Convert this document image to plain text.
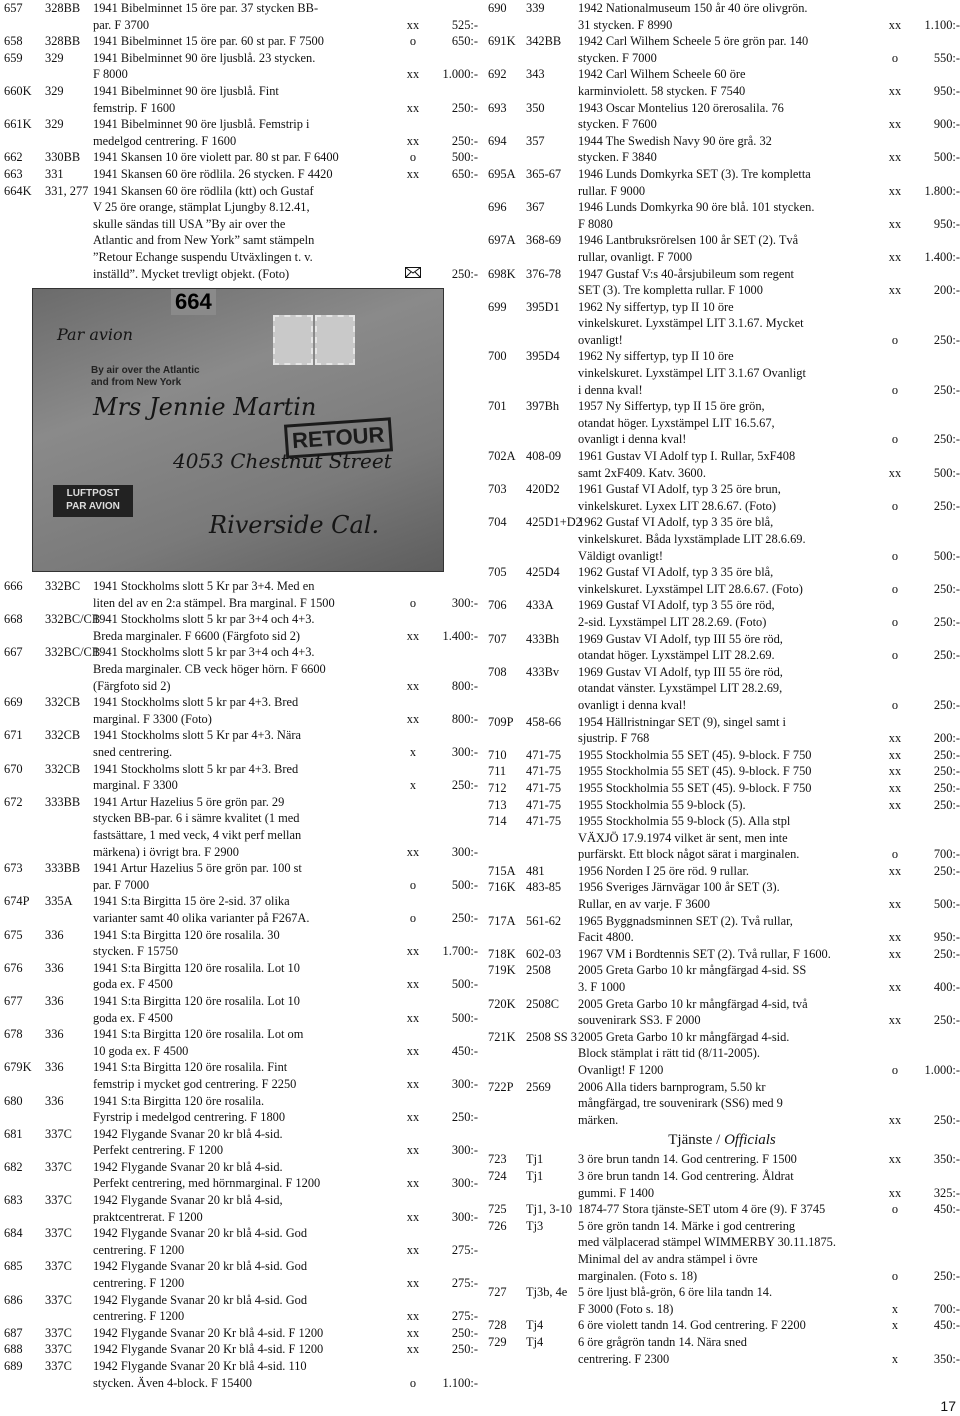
657 328BB 1941 Bibelminnet 15 öre par. 37 stycken BB-
par. F 3700	xx	525:-
658 328BB 1941 Bibelminnet 15 öre par. 60 st par. F 7500	o	650:-
659 329 1941 Bibelminnet 90 öre ljusblå. 23 stycken.
F 8000	xx	1.000:-
660K 329 1941 Bibelminnet 90 öre ljusblå. Fint
femstrip. F 1600	xx	250:-
661K 329 1941 Bibelminnet 90 öre ljusblå. Femstrip i
medelgod centrering. F 1600	xx	250:-
662 330BB 1941 Skansen 10 öre violett par. 80 st par. F 6400	o	500:-
663 331 1941 Skansen 60 öre rödlila. 26 stycken. F 4420	xx	650:-
664K 331, 277 1941 Skansen 60 öre rödlila (ktt) och Gustaf
V 25 öre orange, stämplat Ljungby 8.12.41,
skulle sändas till USA ”By air over the
Atlantic and from New York” samt stämpeln
”Retour Echange suspendu Utväxlingen t. v.
inställd”. Mycket trevligt objekt. (Foto)	250:-
664
Par avion
By air over the Atlantic
and from New York
Mrs Jennie Martin
RETOUR
4053 Chestnut Street
LUFTPOST
PAR AVION
Riverside Cal.
666 332BC 1941 Stockholms slott 5 Kr par 3+4. Med en
liten del av en 2:a stämpel. Bra marginal. F 1500	o	300:-
668 332BC/CB
1941 Stockholms slott 5 kr par 3+4 och 4+3.
Breda marginaler. F 6600 (Färgfoto sid 2)	xx	1.400:-
667 332BC/CB
1941 Stockholms slott 5 kr par 3+4 och 4+3.
Breda marginaler. CB veck höger hörn. F 6600
(Färgfoto sid 2)	xx	800:-
669 332CB 1941 Stockholms slott 5 kr par 4+3. Bred
marginal. F 3300 (Foto)	xx	800:-
671 332CB 1941 Stockholms slott 5 Kr par 4+3. Nära
sned centrering.	x	300:-
670 332CB 1941 Stockholms slott 5 kr par 4+3. Bred
marginal. F 3300	x	250:-
672 333BB 1941 Artur Hazelius 5 öre grön par. 29
stycken BB-par. 6 i sämre kvalitet (1 med
fastsättare, 1 med veck, 4 vikt perf mellan
märkena) i övrigt bra. F 2900	xx	300:-
673 333BB 1941 Artur Hazelius 5 öre grön par. 100 st
par. F 7000	o	500:-
674P 335A 1941 S:ta Birgitta 15 öre 2-sid. 37 olika
varianter samt 40 olika varianter på F267A.	o	250:-
675 336 1941 S:ta Birgitta 120 öre rosalila. 30
stycken. F 15750	xx	1.700:-
676 336 1941 S:ta Birgitta 120 öre rosalila. Lot 10
goda ex. F 4500	xx	500:-
677 336 1941 S:ta Birgitta 120 öre rosalila. Lot 10
goda ex. F 4500	xx	500:-
678 336 1941 S:ta Birgitta 120 öre rosalila. Lot om
10 goda ex. F 4500	xx	450:-
679K 336 1941 S:ta Birgitta 120 öre rosalila. Fint
femstrip i mycket god centrering. F 2250	xx	300:-
680 336 1941 S:ta Birgitta 120 öre rosalila.
Fyrstrip i medelgod centrering. F 1800	xx	250:-
681 337C 1942 Flygande Svanar 20 kr blå 4-sid.
Perfekt centrering. F 1200	xx	300:-
682 337C 1942 Flygande Svanar 20 kr blå 4-sid.
Perfekt centrering, med hörnmarginal. F 1200	xx	300:-
683 337C 1942 Flygande Svanar 20 kr blå 4-sid,
praktcentrerat. F 1200	xx	300:-
684 337C 1942 Flygande Svanar 20 kr blå 4-sid. God
centrering. F 1200	xx	275:-
685 337C 1942 Flygande Svanar 20 kr blå 4-sid. God
centrering. F 1200	xx	275:-
686 337C 1942 Flygande Svanar 20 kr blå 4-sid. God
centrering. F 1200	xx	275:-
687 337C 1942 Flygande Svanar 20 Kr blå 4-sid. F 1200	xx	250:-
688 337C 1942 Flygande Svanar 20 Kr blå 4-sid. F 1200	xx	250:-
689 337C 1942 Flygande Svanar 20 Kr blå 4-sid. 110
stycken. Även 4-block. F 15400	o	1.100:-
690 339	1942 Nationalmuseum 150 år 40 öre olivgrön.
31 stycken. F 8990	xx	1.100:-
691K 342BB 1942 Carl Wilhem Scheele 5 öre grön par. 140
stycken. F 7000	o	550:-
692 343	1942 Carl Wilhem Scheele 60 öre
karminviolett. 58 stycken. F 7540	xx	950:-
693 350	1943 Oscar Montelius 120 örerosalila. 76
stycken. F 7600	xx	900:-
694 357	1944 The Swedish Navy 90 öre grå. 32
stycken. F 3840	xx	500:-
695A 365-67 1946 Lunds Domkyrka SET (3). Tre kompletta
rullar. F 9000	xx	1.800:-
696 367	1946 Lunds Domkyrka 90 öre blå. 101 stycken.
F 8080	xx	950:-
697A 368-69 1946 Lantbruksrörelsen 100 år SET (2). Två
rullar, ovanligt. F 7000	xx	1.400:-
698K 376-78 1947 Gustaf V:s 40-årsjubileum som regent
SET (3). Tre kompletta rullar. F 1000	xx	200:-
699 395D1 1962 Ny siffertyp, typ II 10 öre
vinkelskuret. Lyxstämpel LIT 3.1.67. Mycket
ovanligt!	o	250:-
700 395D4 1962 Ny siffertyp, typ II 10 öre
vinkelskuret. Lyxstämpel LIT 3.1.67 Ovanligt
i denna kval!	o	250:-
701 397Bh 1957 Ny Siffertyp, typ II 15 öre grön,
otandat höger. Lyxstämpel LIT 16.5.67,
ovanligt i denna kval!	o	250:-
702A 408-09 1961 Gustav VI Adolf typ I. Rullar, 5xF408
samt 2xF409. Katv. 3600.	xx	500:-
703 420D2 1961 Gustaf VI Adolf, typ 3 25 öre brun,
vinkelskuret. Lyxex LIT 28.6.67. (Foto)	o	250:-
704 425D1+D2
1962 Gustaf VI Adolf, typ 3 35 öre blå,
vinkelskuret. Båda lyxstämplade LIT 28.6.69.
Väldigt ovanligt!	o	500:-
705 425D4 1962 Gustaf VI Adolf, typ 3 35 öre blå,
vinkelskuret. Lyxstämpel LIT 28.6.67. (Foto)	o	250:-
706 433A 1969 Gustaf VI Adolf, typ 3 55 öre röd,
2-sid. Lyxstämpel LIT 28.2.69. (Foto)	o	250:-
707 433Bh 1969 Gustav VI Adolf, typ III 55 öre röd,
otandat höger. Lyxstämpel LIT 28.2.69.	o	250:-
708 433Bv 1969 Gustav VI Adolf, typ III 55 öre röd,
otandat vänster. Lyxstämpel LIT 28.2.69,
ovanligt i denna kval!	o	250:-
709P 458-66 1954 Hällristningar SET (9), singel samt i
sjustrip. F 768	xx	200:-
710 471-75 1955 Stockholmia 55 SET (45). 9-block. F 750	xx	250:-
711 471-75 1955 Stockholmia 55 SET (45). 9-block. F 750	xx	250:-
712 471-75 1955 Stockholmia 55 SET (45). 9-block. F 750	xx	250:-
713 471-75 1955 Stockholmia 55 9-block (5).	xx	250:-
714 471-75 1955 Stockholmia 55 9-block (5). Alla stpl
VÄXJÖ 17.9.1974 vilket är sent, men inte
purfärskt. Ett block något särat i marginalen.	o	700:-
715A 481	1956 Norden I 25 öre röd. 9 rullar.	xx	250:-
716K 483-85 1956 Sveriges Järnvägar 100 år SET (3).
Rullar, en av varje. F 3600	xx	500:-
717A 561-62 1965 Byggnadsminnen SET (2). Två rullar,
Facit 4800.	xx	950:-
718K 602-03 1967 VM i Bordtennis SET (2). Två rullar, F 1600.	xx	250:-
719K 2508 2005 Greta Garbo 10 kr mångfärgad 4-sid. SS
3. F 1000	xx	400:-
720K 2508C 2005 Greta Garbo 10 kr mångfärgad 4-sid, två
souvenirark SS3. F 2000	xx	250:-
721K 2508 SS 3 2005 Greta Garbo 10 kr mångfärgad 4-sid.
Block stämplat i rätt tid (8/11-2005).
Ovanligt! F 1200	o	1.000:-
722P 2569 2006 Alla tiders barnprogram, 5.50 kr
mångfärgad, tre souvenirark (SS6) med 9
märken.	xx	250:-
Tjänste / Officials
723 Tj1	3 öre brun tandn 14. God centrering. F 1500	xx	350:-
724 Tj1	3 öre brun tandn 14. God centrering. Åldrat
gummi. F 1400	xx	325:-
725 Tj1, 3-10 1874-77 Stora tjänste-SET utom 4 öre (9). F 3745	o	450:-
726 Tj3	5 öre grön tandn 14. Märke i god centrering
med välplacerad stämpel WIMMERBY 30.11.1875.
Minimal del av andra stämpel i övre
marginalen. (Foto s. 18)	o	250:-
727 Tj3b, 4e 5 öre ljust blå-grön, 6 öre lila tandn 14.
F 3000 (Foto s. 18)	x	700:-
728 Tj4	6 öre violett tandn 14. God centrering. F 2200	x	450:-
729 Tj4	6 öre grågrön tandn 14. Nära sned
centrering. F 2300	x	350:-
17
